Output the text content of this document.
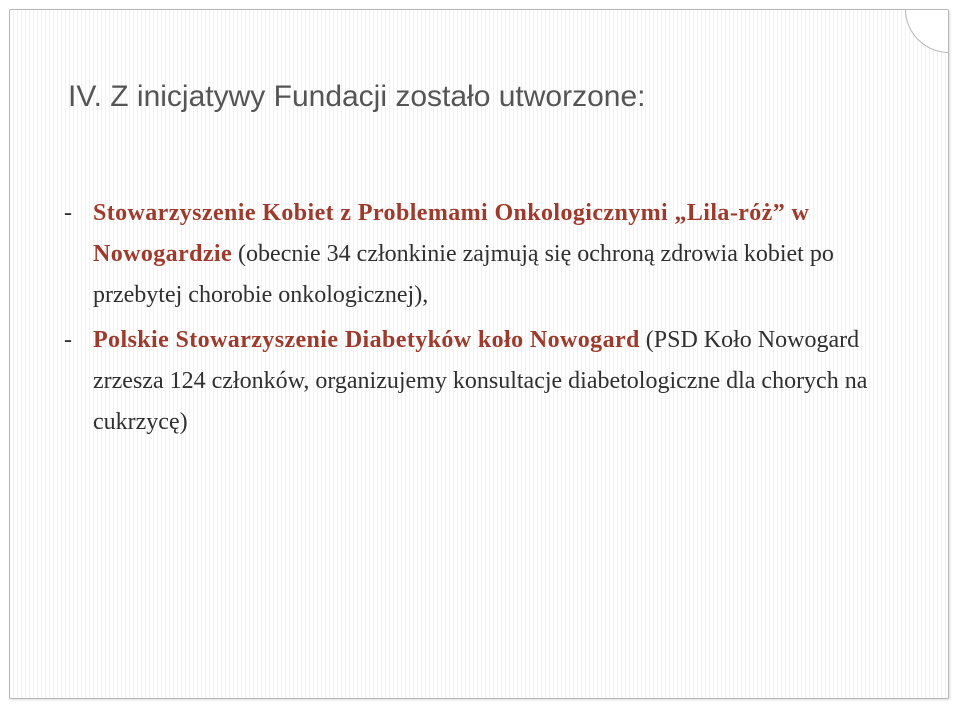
IV. Z inicjatywy Fundacji zostało utworzone:
- Stowarzyszenie Kobiet z Problemami Onkologicznymi „Lila-róż” w Nowogardzie (obecnie 34 członkinie zajmują się ochroną zdrowia kobiet po przebytej chorobie onkologicznej),
- Polskie Stowarzyszenie Diabetyków koło Nowogard (PSD Koło Nowogard zrzesza 124 członków, organizujemy konsultacje diabetologiczne dla chorych na cukrzycę)
